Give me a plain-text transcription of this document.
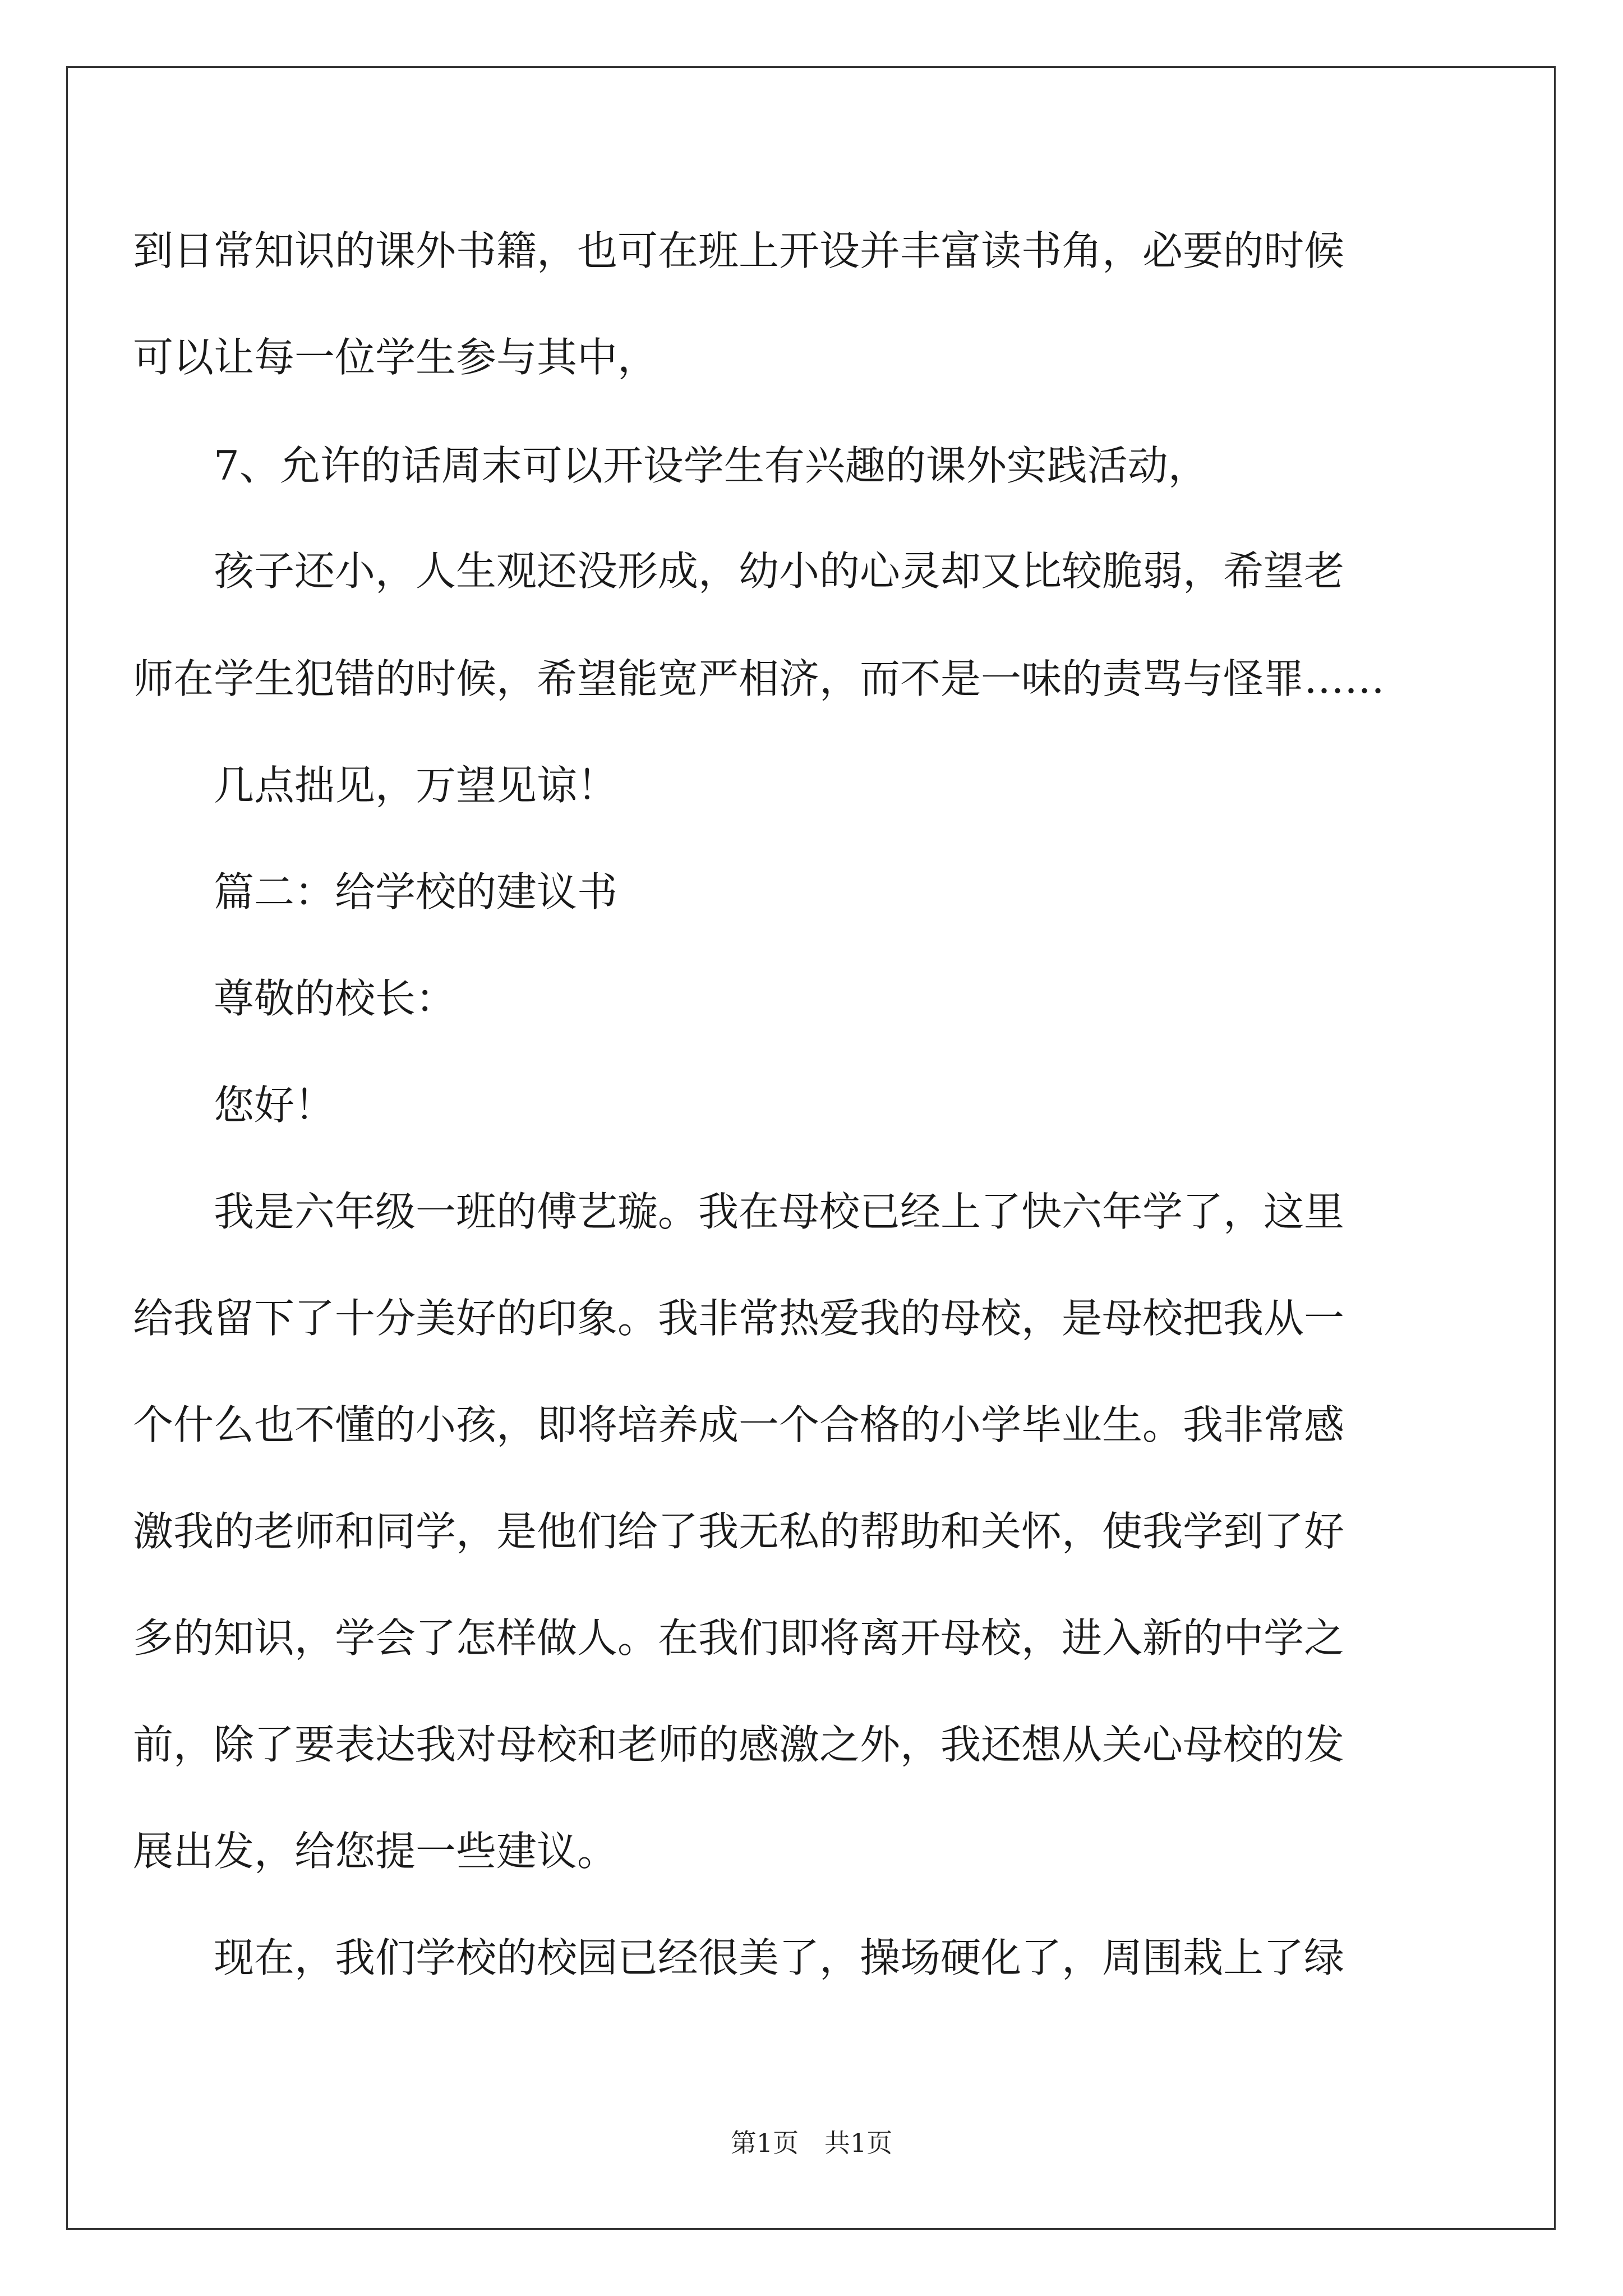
到日常知识的课外书籍，也可在班上开设并丰富读书角，必要的时候
可以让每一位学生参与其中，
7、允许的话周末可以开设学生有兴趣的课外实践活动，
孩子还小，人生观还没形成，幼小的心灵却又比较脆弱，希望老
师在学生犯错的时候，希望能宽严相济，而不是一味的责骂与怪罪……
几点拙见，万望见谅！
篇二：给学校的建议书
尊敬的校长：
您好！
我是六年级一班的傅艺璇。我在母校已经上了快六年学了，这里
给我留下了十分美好的印象。我非常热爱我的母校，是母校把我从一
个什么也不懂的小孩，即将培养成一个合格的小学毕业生。我非常感
激我的老师和同学，是他们给了我无私的帮助和关怀，使我学到了好
多的知识，学会了怎样做人。在我们即将离开母校，进入新的中学之
前，除了要表达我对母校和老师的感激之外，我还想从关心母校的发
展出发，给您提一些建议。
现在，我们学校的校园已经很美了，操场硬化了，周围栽上了绿
第1页　共1页
